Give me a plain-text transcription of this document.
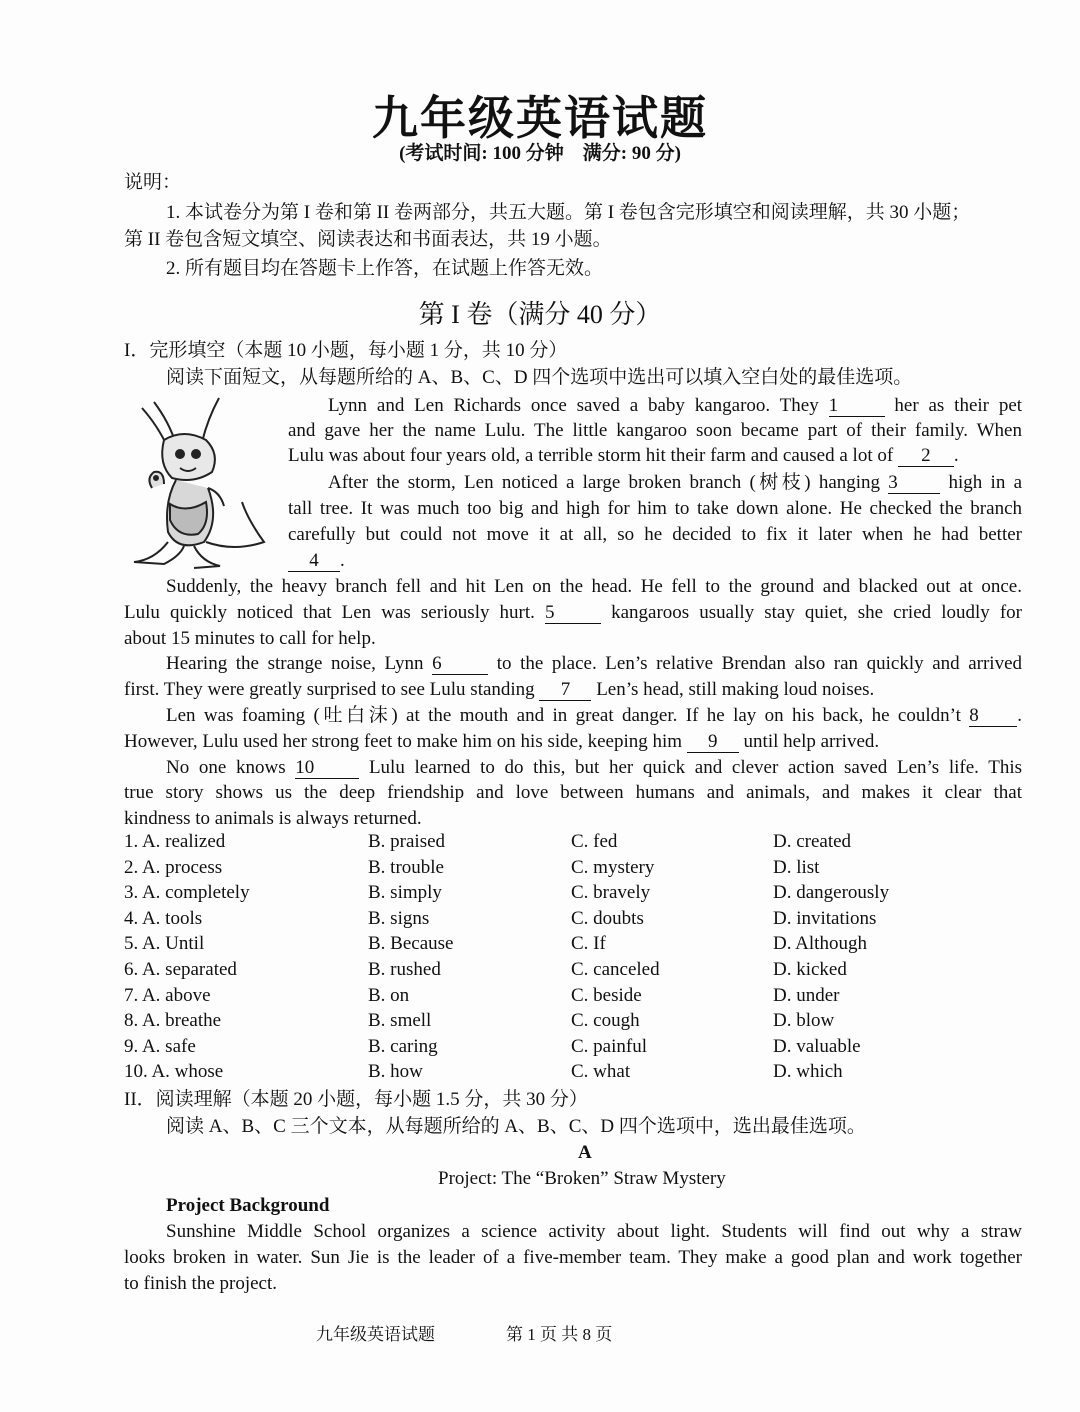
九年级英语试题
(考试时间: 100 分钟　满分: 90 分)
说明：
1. 本试卷分为第 I 卷和第 II 卷两部分，共五大题。第 I 卷包含完形填空和阅读理解，共 30 小题；
第 II 卷包含短文填空、阅读表达和书面表达，共 19 小题。
2. 所有题目均在答题卡上作答，在试题上作答无效。
第 I 卷（满分 40 分）
I．完形填空（本题 10 小题，每小题 1 分，共 10 分）
阅读下面短文，从每题所给的 A、B、C、D 四个选项中选出可以填入空白处的最佳选项。
Lynn and Len Richards once saved a baby kangaroo. They 1	her as their pet
and gave her the name Lulu. The little kangaroo soon became part of their family. When
Lulu was about four years old, a terrible storm hit their farm and caused a lot of 2 .
After the storm, Len noticed a large broken branch (树枝) hanging 3	high in a
tall tree. It was much too big and high for him to take down alone. He checked the branch
carefully but could not move it at all, so he decided to fix it later when he had better
4 .
Suddenly, the heavy branch fell and hit Len on the head. He fell to the ground and blacked out at once.
Lulu quickly noticed that Len was seriously hurt. 5	kangaroos usually stay quiet, she cried loudly for
about 15 minutes to call for help.
Hearing the strange noise, Lynn 6	to the place. Len’s relative Brendan also ran quickly and arrived
first. They were greatly surprised to see Lulu standing 7 Len’s head, still making loud noises.
Len was foaming (吐白沫) at the mouth and in great danger. If he lay on his back, he couldn’t 8 .
However, Lulu used her strong feet to make him on his side, keeping him 9 until help arrived.
No one knows 10	Lulu learned to do this, but her quick and clever action saved Len’s life. This
true story shows us the deep friendship and love between humans and animals, and makes it clear that
kindness to animals is always returned.
1. A. realized	B. praised	C. fed	D. created
2. A. process	B. trouble	C. mystery	D. list
3. A. completely	B. simply	C. bravely	D. dangerously
4. A. tools	B. signs	C. doubts	D. invitations
5. A. Until	B. Because	C. If	D. Although
6. A. separated	B. rushed	C. canceled	D. kicked
7. A. above	B. on	C. beside	D. under
8. A. breathe	B. smell	C. cough	D. blow
9. A. safe	B. caring	C. painful	D. valuable
10. A. whose	B. how	C. what	D. which
II．阅读理解（本题 20 小题，每小题 1.5 分，共 30 分）
阅读 A、B、C 三个文本，从每题所给的 A、B、C、D 四个选项中，选出最佳选项。
A
Project: The “Broken” Straw Mystery
Project Background
Sunshine Middle School organizes a science activity about light. Students will find out why a straw
looks broken in water. Sun Jie is the leader of a five-member team. They make a good plan and work together
to finish the project.
九年级英语试题	第 1 页 共 8 页
